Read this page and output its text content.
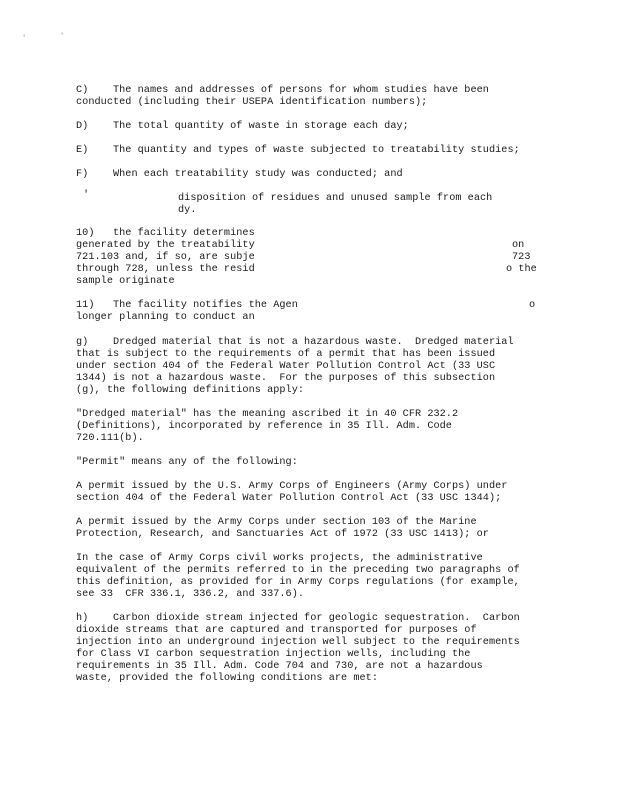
'	'
C)    The names and addresses of persons for whom studies have been
conducted (including their USEPA identification numbers);
D)    The total quantity of waste in storage each day;
E)    The quantity and types of waste subjected to treatability studies;
F)    When each treatability study was conducted; and
'	disposition of residues and unused sample from each
dy.
10)   the facility determines
generated by the treatability	on
721.103 and, if so, are subje	723
through 728, unless the resid	o the
sample originate
11)   The facility notifies the Agen	o
longer planning to conduct an
g)    Dredged material that is not a hazardous waste.  Dredged material
that is subject to the requirements of a permit that has been issued
under section 404 of the Federal Water Pollution Control Act (33 USC
1344) is not a hazardous waste.  For the purposes of this subsection
(g), the following definitions apply:
"Dredged material" has the meaning ascribed it in 40 CFR 232.2
(Definitions), incorporated by reference in 35 Ill. Adm. Code
720.111(b).
"Permit" means any of the following:
A permit issued by the U.S. Army Corps of Engineers (Army Corps) under
section 404 of the Federal Water Pollution Control Act (33 USC 1344);
A permit issued by the Army Corps under section 103 of the Marine
Protection, Research, and Sanctuaries Act of 1972 (33 USC 1413); or
In the case of Army Corps civil works projects, the administrative
equivalent of the permits referred to in the preceding two paragraphs of
this definition, as provided for in Army Corps regulations (for example,
see 33  CFR 336.1, 336.2, and 337.6).
h)    Carbon dioxide stream injected for geologic sequestration.  Carbon
dioxide streams that are captured and transported for purposes of
injection into an underground injection well subject to the requirements
for Class VI carbon sequestration injection wells, including the
requirements in 35 Ill. Adm. Code 704 and 730, are not a hazardous
waste, provided the following conditions are met:
